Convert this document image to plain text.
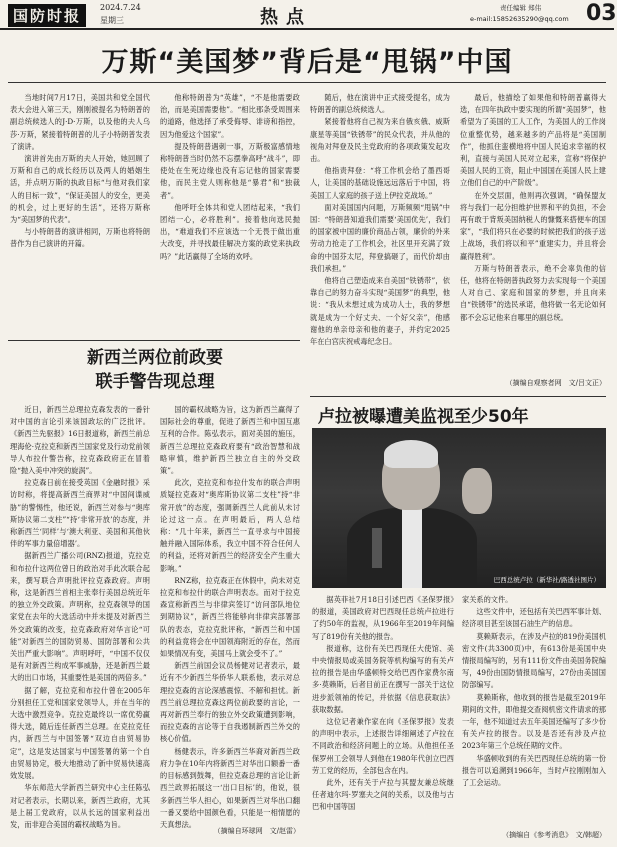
国防时报	2024.7.24
星期三	热点	责任编辑 郑伟
e-mail:15852635290@qq.com 03
万斯“美国梦”背后是“甩锅”中国

当地时间7月17日，美国共和党全国代表大会进入第三天，刚刚被提名为特朗普的副总统候选人的J·D·万斯，以及他的夫人乌莎·万斯，紧接着特朗普的儿子小特朗普发表了演讲。

演讲首先由万斯的夫人开始，她回顾了万斯和自己的成长经历以及两人的婚姻生活，并点明万斯的执政目标“与他对我们家人的目标一致”，“保证美国人的安全，更美的机会，过上更好的生活”，还将万斯称为“美国梦的代表”。

与小特朗普的演讲相同，万斯也将特朗普作为自己演讲的开篇。

他称特朗普为“英雄”，“不是他需要政治，而是美国需要他”。“相比那条受周围来的道路，他选择了承受侮辱、诽谤和指控，因为他爱这个国家”。

提及特朗普遇刺一事，万斯极富感情地称特朗普当时仍然不忘摆拳高呼“战斗”，即使处在生死边缘也没有忘记他的国家需要他，而民主党人则称他是“暴君”和“独裁者”。

他呼吁全体共和党人团结起来，“我们团结一心，必将胜利”。接着他向选民抛出，“难道我们不应该选一个无畏于做出重大改变，并寻找最佳解决方案的政党来执政吗？”此话赢得了全场的欢呼。

随后，他在演讲中正式接受提名，成为特朗普的副总统候选人。

紧接着他将自己视为来自俄亥俄、威斯康星等美国“铁锈带”的民众代表，并从他的视角对拜登及民主党政府的各项政策发起攻击。

他指责拜登：“将工作机会给了墨西哥人，让美国的基础设施远远落后于中国，将美国工人家庭的孩子送上伊拉克战场。”

面对美国国内问题，万斯频频“甩锅”中国：“特朗普知道我们需要‘美国优先’，我们的国家被中国的廉价商品占领，廉价的外来劳动力抢走了工作机会，社区里开充满了致命的中国芬太尼，拜登搞砸了，而代价却由我们承担。”

他将自己塑造成来自美国“铁锈带”，依靠自己的努力奋斗实现“美国梦”的典型，他说：“我从未想过成为成功人士，我的梦想就是成为一个好丈夫、一个好父亲”，他感谢他的单亲母亲和他的妻子，并约定2025年在白宫庆祝戒毒纪念日。

最后，他描绘了如果他和特朗普赢得大选，在四年执政中要实现的所谓“美国梦”，他希望为了美国的工人工作，为美国人的工作岗位重整优势，越来越多的产品将是“美国制作”，他抓住蛮横地将中国人民追求幸福的权利，直接与美国人民对立起来，宣称“将保护美国人民的工资，阻止中国国在美国人民上建立他们自己的中产阶级”。

在外交层面，他则再次强调，“确保盟友将与我们一起分担维护世界和平的负担，不会再有敢于背叛美国纳税人的慷慨来搭便车的国家”，“我们将只在必要的时候把我们的孩子送上战场，我们将以和平”重建实力，并且将会赢得胜利”。

万斯与特朗普表示，绝不会辜负他的信任，他将在特朗普执政努力去实现每一个美国人对自己、家庭和国家的梦想，并且向来自“铁锈带”的选民承诺，他将做一名无论如何都不会忘记他来自哪里的副总统。

（摘编自观察者网　文/吕文正）
新西兰两位前政要
联手警告现总理

近日，新西兰总理拉克森发表的一番针对中国的言论引来该国政坛的广泛批评。《新西兰先驱报》16日报道称，新西兰前总理海伦·克拉克和新西兰国家党及行动党前领导人布拉什警告称，拉克森政府正在冒着险“抛入美中冲突的旋涡”。

拉克森日前在接受英国《金融时报》采访时称，将提高新西兰商界对“中国间谍威胁”的警惕性，他还说，新西兰对参与“奥库斯协议第二支柱”“持‘非常开放’的态度，并称新西兰‘同样’与‘澳大利亚、美国和其他伙伴的军事力量倍增器’。

据新西兰广播公司(RNZ)报道，克拉克和布拉什这两位曾日的政治对手此次联合起来，撰写联合声明批评拉克森政府。声明称，这是新西兰首相主张奉行美国总统近年的独立外交政策。声明称，拉克森领导的国家党在去年的大选活动中并未提及对新西兰外交政策的改变，拉克森政府对华言论“可能”对新西兰的国防贸易、国防部署和公共关出严重大影响”。声明呼吁，“中国不仅仅是有对新西兰构成军事威胁，还是新西兰最大的出口市场，其重要性是美国的两倍多。”

据了解，克拉克和布拉什曾在2005年分别担任工党和国家党领导人，并在当年的大选中激烈竞争。克拉克最终以一席优势赢得大选，随后连任新西兰总理。在克拉克任内，新西兰与中国签署“双边自由贸易协定”，这是发达国家与中国签署的第一个自由贸易协定，极大地推动了新中贸易快速高效发展。

华东师范大学新西兰研究中心主任陈弘对记者表示，长期以来，新西兰政府，尤其是上届工党政府，以从长远的国家利益出发，而非迎合美国的霸权战略为旨。

国的霸权战略为旨，这为新西兰赢得了国际社会的尊重，促进了新西兰和中国互惠互利的合作。陈弘表示，面对美国的施压，新西兰总理拉克森政府要有“政治智慧和战略审慎，维护新西兰独立自主的外交政策”。

此次，克拉克和布拉什发布的联合声明质疑拉克森对“奥库斯协议第二支柱”持“非常开放”的态度，强调新西兰人此前从未讨论过这一点。在声明最后，两人总结称：“几十年来，新西兰一直寻求与中国接触并融入国际体系，我立中国不符合任何人的利益，还将对新西兰的经济安全产生重大影响。”

RNZ称，拉克森正在休假中，尚未对克拉克和布拉什的联合声明表态。而对于拉克森宣称新西兰与非律宾签订“访问部队地位到期协议”，新西兰将能够向非律宾部署部队的表态，克拉克批评称，“新西兰和中国的利益竟将会在中国领海附近的存在，然而如果情况有变，美国马上就会受不了。”

新西兰前国会议员杨健对记者表示，最近有不少新西兰华侨华人联系他，表示对总理拉克森的言论深感震惊、不解和担忧。新西兰前总理拉克森这两位前政要的言论，一再对新西兰奉行的独立外交政策遭到影响，而拉克森的言论等于自我遏制新西兰外交的核心价值。

杨健表示，许多新西兰华裔对新西兰政府力争在10年内将新西兰对华出口额番一番的目标感到鼓舞，但拉克森总理的言论让新西兰政界拓展这一‘出口目标’的，他说，很多新西兰华人担心，如果新西兰对华出口翻一番又要给中国颜色看，只能是一相情愿的天真想法。

（摘编自环球网　文/赵雷）
卢拉被曝遭美监视至少50年
巴西总统卢拉（新华社/路透社图片）

据英菲社7月18日引述巴西《圣保罗报》的报道，美国政府对巴西现任总统卢拉进行了约50年的监视，从1966年至2019年间编写了819份有关他的报告。

报道称，这份有关巴西现任大使馆、美中央情报局或美国务院等机构编写的有关卢拉的报告是由华盛顿特交给巴西作家费尔南多·莫赖斯，后者目前正在撰写一部关于这位进步派领袖的传记，并依据《信息获取法》获取数据。

这位记者兼作家在向《圣保罗报》发表的声明中表示，上述报告详细阐述了卢拉在不同政治和经济问题上的立场。从他担任圣保罗州工会领导人到他在1980年代创立巴西劳工党的经历，全部包含在内。

此外，还有关于卢拉与其盟友兼总统继任者迪尔玛·罗塞夫之间的关系，以及他与古巴和中国等国

家关系的文件。

这些文件中，还包括有关巴西军事计划、经济项目甚至该国石油生产的信息。

莫赖斯表示，在涉及卢拉的819份美国机密文件(共3300页)中，有613份是美国中央情报局编写的，另有111份文件由美国务院编写，49份由国防情报局编写，27份由美国国防部编写。

莫赖斯称，他收到的报告是截至2019年期间的文件，即他提交查阅机密文件请求的那一年，他不知道过去五年美国还编写了多少份有关卢拉的报告。以及是否还有涉及卢拉2023年第三个总统任期的文件。

华盛顿收到的有关巴西现任总统的第一份报告可以追溯到1966年，当时卢拉刚刚加入了工会运动。

（摘编自《参考消息》　文/韩超）
